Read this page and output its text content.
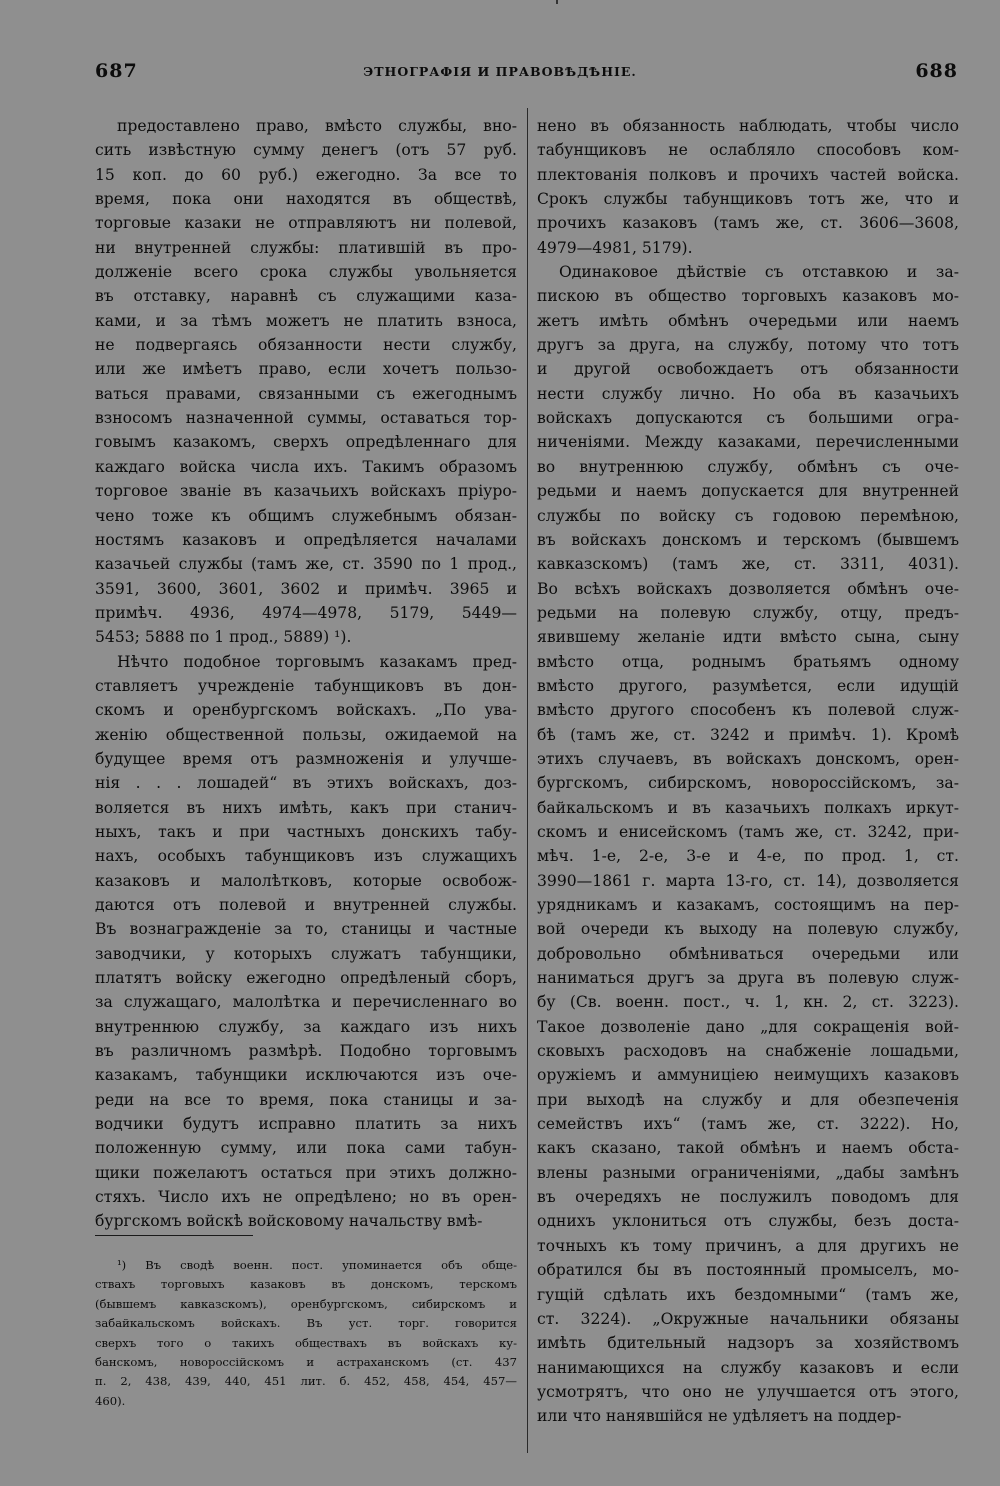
687	ЭТНОГРАФІЯ И ПРАВОВѢДѢНІЕ.	688
предоставлено право, вмѣсто службы, вно-
сить извѣстную сумму денегъ (отъ 57 руб.
15 коп. до 60 руб.) ежегодно. За все то
время, пока они находятся въ обществѣ,
торговые казаки не отправляютъ ни полевой,
ни внутренней службы: платившій въ про-
долженіе всего срока службы увольняется
въ отставку, наравнѣ съ служащими каза-
ками, и за тѣмъ можетъ не платить взноса,
не подвергаясь обязанности нести службу,
или же имѣетъ право, если хочетъ пользо-
ваться правами, связанными съ ежегоднымъ
взносомъ назначенной суммы, оставаться тор-
говымъ казакомъ, сверхъ опредѣленнаго для
каждаго войска числа ихъ. Такимъ образомъ
торговое званіе въ казачьихъ войскахъ пріуро-
чено тоже къ общимъ служебнымъ обязан-
ностямъ казаковъ и опредѣляется началами
казачьей службы (тамъ же, ст. 3590 по 1 прод.,
3591, 3600, 3601, 3602 и примѣч. 3965 и
примѣч. 4936, 4974—4978, 5179, 5449—
5453; 5888 по 1 прод., 5889) ¹).
Нѣчто подобное торговымъ казакамъ пред-
ставляетъ учрежденіе табунщиковъ въ дон-
скомъ и оренбургскомъ войскахъ. „По ува-
женію общественной пользы, ожидаемой на
будущее время отъ размноженія и улучше-
нія . . . лошадей“ въ этихъ войскахъ, доз-
воляется въ нихъ имѣть, какъ при станич-
ныхъ, такъ и при частныхъ донскихъ табу-
нахъ, особыхъ табунщиковъ изъ служащихъ
казаковъ и малолѣтковъ, которые освобож-
даются отъ полевой и внутренней службы.
Въ вознагражденіе за то, станицы и частные
заводчики, у которыхъ служатъ табунщики,
платятъ войску ежегодно опредѣленый сборъ,
за служащаго, малолѣтка и перечисленнаго во
внутреннюю службу, за каждаго изъ нихъ
въ различномъ размѣрѣ. Подобно торговымъ
казакамъ, табунщики исключаются изъ оче-
реди на все то время, пока станицы и за-
водчики будутъ исправно платить за нихъ
положенную сумму, или пока сами табун-
щики пожелаютъ остаться при этихъ должно-
стяхъ. Число ихъ не опредѣлено; но въ орен-
бургскомъ войскѣ войсковому начальству вмѣ-
нено въ обязанность наблюдать, чтобы число
табунщиковъ не ослабляло способовъ ком-
плектованія полковъ и прочихъ частей войска.
Срокъ службы табунщиковъ тотъ же, что и
прочихъ казаковъ (тамъ же, ст. 3606—3608,
4979—4981, 5179).
Одинаковое дѣйствіе съ отставкою и за-
пискою въ общество торговыхъ казаковъ мо-
жетъ имѣть обмѣнъ очередьми или наемъ
другъ за друга, на службу, потому что тотъ
и другой освобождаетъ отъ обязанности
нести службу лично. Но оба въ казачьихъ
войскахъ допускаются съ большими огра-
ниченіями. Между казаками, перечисленными
во внутреннюю службу, обмѣнъ съ оче-
редьми и наемъ допускается для внутренней
службы по войску съ годовою перемѣною,
въ войскахъ донскомъ и терскомъ (бывшемъ
кавказскомъ) (тамъ же, ст. 3311, 4031).
Во всѣхъ войскахъ дозволяется обмѣнъ оче-
редьми на полевую службу, отцу, предъ-
явившему желаніе идти вмѣсто сына, сыну
вмѣсто отца, роднымъ братьямъ одному
вмѣсто другого, разумѣется, если идущій
вмѣсто другого способенъ къ полевой служ-
бѣ (тамъ же, ст. 3242 и примѣч. 1). Кромѣ
этихъ случаевъ, въ войскахъ донскомъ, орен-
бургскомъ, сибирскомъ, новороссійскомъ, за-
байкальскомъ и въ казачьихъ полкахъ иркут-
скомъ и енисейскомъ (тамъ же, ст. 3242, при-
мѣч. 1-е, 2-е, 3-е и 4-е, по прод. 1, ст.
3990—1861 г. марта 13-го, ст. 14), дозволяется
урядникамъ и казакамъ, состоящимъ на пер-
вой очереди къ выходу на полевую службу,
добровольно обмѣниваться очередьми или
наниматься другъ за друга въ полевую служ-
бу (Св. военн. пост., ч. 1, кн. 2, ст. 3223).
Такое дозволеніе дано „для сокращенія вой-
сковыхъ расходовъ на снабженіе лошадьми,
оружіемъ и аммуниціею неимущихъ казаковъ
при выходѣ на службу и для обезпеченія
семействъ ихъ“ (тамъ же, ст. 3222). Но,
какъ сказано, такой обмѣнъ и наемъ обста-
влены разными ограниченіями, „дабы замѣнъ
въ очередяхъ не послужилъ поводомъ для
однихъ уклониться отъ службы, безъ доста-
точныхъ къ тому причинъ, а для другихъ не
обратился бы въ постоянный промыселъ, мо-
гущій сдѣлать ихъ бездомными“ (тамъ же,
ст. 3224). „Окружные начальники обязаны
имѣть бдительный надзоръ за хозяйствомъ
нанимающихся на службу казаковъ и если
усмотрятъ, что оно не улучшается отъ этого,
или что нанявшійся не удѣляетъ на поддер-
¹) Въ сводѣ военн. пост. упоминается объ обще-
ствахъ торговыхъ казаковъ въ донскомъ, терскомъ
(бывшемъ кавказскомъ), оренбургскомъ, сибирскомъ и
забайкальскомъ войскахъ. Въ уст. торг. говорится
сверхъ того о такихъ обществахъ въ войскахъ ку-
банскомъ, новороссійскомъ и астраханскомъ (ст. 437
п. 2, 438, 439, 440, 451 лит. б. 452, 458, 454, 457—
460).
